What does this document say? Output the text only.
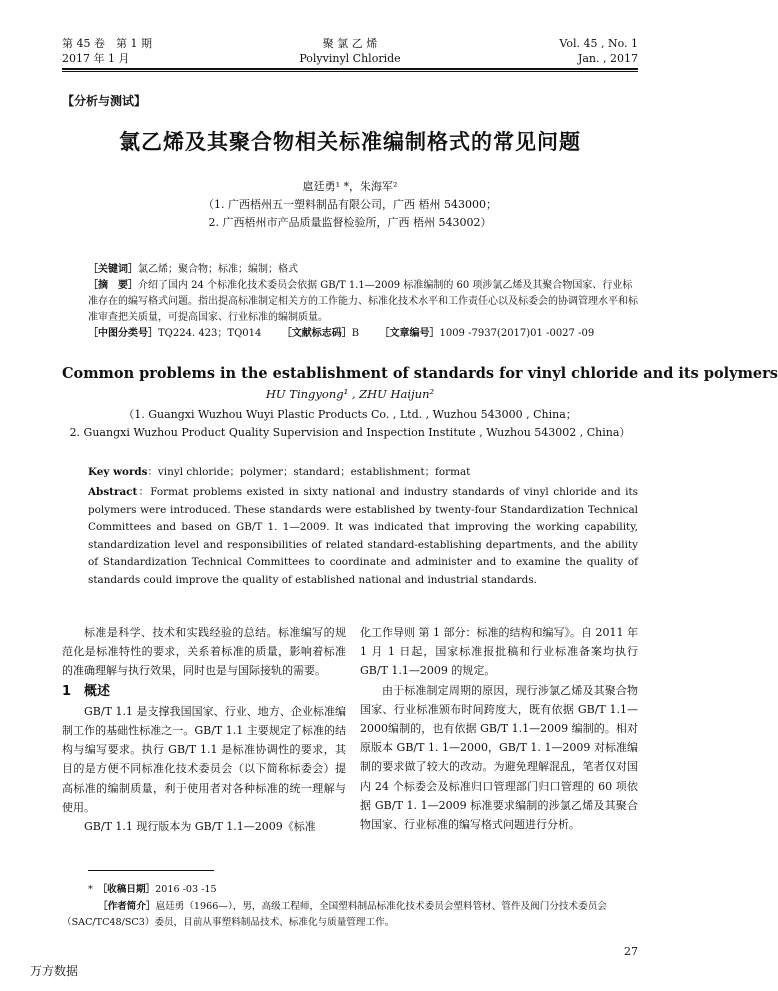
第 45 卷　第 1 期
2017 年 1 月
聚 氯 乙 烯
Polyvinyl Chloride
Vol. 45 , No. 1
Jan. , 2017
【分析与测试】
氯乙烯及其聚合物相关标准编制格式的常见问题
扈廷勇¹ *，朱海军²
（1. 广西梧州五一塑料制品有限公司，广西 梧州 543000；
2. 广西梧州市产品质量监督检验所，广西 梧州 543002）
［关键词］氯乙烯；聚合物；标准；编制；格式
［摘　要］介绍了国内 24 个标准化技术委员会依据 GB/T 1.1—2009 标准编制的 60 项涉氯乙烯及其聚合物国家、行业标准存在的编写格式问题。指出提高标准制定相关方的工作能力、标准化技术水平和工作责任心以及标委会的协调管理水平和标准审查把关质量，可提高国家、行业标准的编制质量。
［中图分类号］TQ224. 423；TQ014 ［文献标志码］B ［文章编号］1009 -7937(2017)01 -0027 -09
Common problems in the establishment of standards for vinyl chloride and its polymers
HU Tingyong¹ , ZHU Haijun²
（1. Guangxi Wuzhou Wuyi Plastic Products Co. , Ltd. , Wuzhou 543000 , China；
2. Guangxi Wuzhou Product Quality Supervision and Inspection Institute , Wuzhou 543002 , China）
Key words：vinyl chloride；polymer；standard；establishment；format
Abstract：Format problems existed in sixty national and industry standards of vinyl chloride and its polymers were introduced. These standards were established by twenty-four Standardization Technical Committees and based on GB/T 1. 1—2009. It was indicated that improving the working capability, standardization level and responsibilities of related standard-establishing departments, and the ability of Standardization Technical Committees to coordinate and administer and to examine the quality of standards could improve the quality of established national and industrial standards.

标准是科学、技术和实践经验的总结。标准编写的规范化是标准特性的要求，关系着标准的质量，影响着标准的准确理解与执行效果，同时也是与国际接轨的需要。

1　概述

GB/T 1.1 是支撑我国国家、行业、地方、企业标准编制工作的基础性标准之一。GB/T 1.1 主要规定了标准的结构与编写要求。执行 GB/T 1.1 是标准协调性的要求，其目的是方便不同标准化技术委员会（以下简称标委会）提高标准的编制质量，利于使用者对各种标准的统一理解与使用。

GB/T 1.1 现行版本为 GB/T 1.1—2009《标准

化工作导则 第 1 部分：标准的结构和编写》。自 2011 年 1 月 1 日起，国家标准报批稿和行业标准备案均执行 GB/T 1.1—2009 的规定。

由于标准制定周期的原因，现行涉氯乙烯及其聚合物国家、行业标准颁布时间跨度大，既有依据 GB/T 1.1—2000编制的，也有依据 GB/T 1.1—2009 编制的。相对原版本 GB/T 1. 1—2000，GB/T 1. 1—2009 对标准编制的要求做了较大的改动。为避免理解混乱，笔者仅对国内 24 个标委会及标准归口管理部门归口管理的 60 项依据 GB/T 1. 1—2009 标准要求编制的涉氯乙烯及其聚合物国家、行业标准的编写格式问题进行分析。

*　［收稿日期］2016 -03 -15
［作者简介］扈廷勇（1966—），男，高级工程师，全国塑料制品标准化技术委员会塑料管材、管件及阀门分技术委员会（SAC/TC48/SC3）委员，目前从事塑料制品技术、标准化与质量管理工作。
27
万方数据
